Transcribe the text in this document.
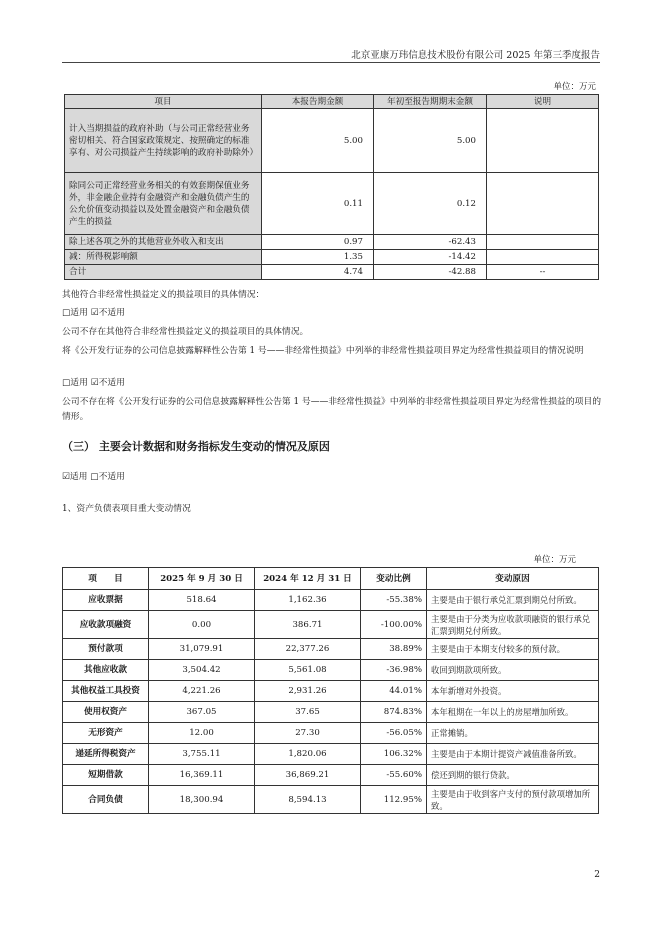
北京亚康万玮信息技术股份有限公司 2025 年第三季度报告
单位：万元
项目	本报告期金额	年初至报告期期末金额	说明
计入当期损益的政府补助（与公司正常经营业务密切相关、符合国家政策规定、按照确定的标准享有、对公司损益产生持续影响的政府补助除外）	5.00	5.00	
除同公司正常经营业务相关的有效套期保值业务外，非金融企业持有金融资产和金融负债产生的公允价值变动损益以及处置金融资产和金融负债产生的损益	0.11	0.12	
除上述各项之外的其他营业外收入和支出	0.97	-62.43	
减：所得税影响额	1.35	-14.42	
合计	4.74	-42.88	--
其他符合非经常性损益定义的损益项目的具体情况：
□适用 ☑不适用
公司不存在其他符合非经常性损益定义的损益项目的具体情况。
将《公开发行证券的公司信息披露解释性公告第 1 号——非经常性损益》中列举的非经常性损益项目界定为经常性损益项目的情况说明
□适用 ☑不适用
公司不存在将《公开发行证券的公司信息披露解释性公告第 1 号——非经常性损益》中列举的非经常性损益项目界定为经常性损益的项目的情形。
（三） 主要会计数据和财务指标发生变动的情况及原因
☑适用 □不适用
1、资产负债表项目重大变动情况
单位：万元
项　　目	2025 年 9 月 30 日	2024 年 12 月 31 日	变动比例	变动原因
应收票据	518.64	1,162.36	-55.38%	主要是由于银行承兑汇票到期兑付所致。
应收款项融资	0.00	386.71	-100.00%	主要是由于分类为应收款项融资的银行承兑汇票到期兑付所致。
预付款项	31,079.91	22,377.26	38.89%	主要是由于本期支付较多的预付款。
其他应收款	3,504.42	5,561.08	-36.98%	收回到期款项所致。
其他权益工具投资	4,221.26	2,931.26	44.01%	本年新增对外投资。
使用权资产	367.05	37.65	874.83%	本年租期在一年以上的房屋增加所致。
无形资产	12.00	27.30	-56.05%	正常摊销。
递延所得税资产	3,755.11	1,820.06	106.32%	主要是由于本期计提资产减值准备所致。
短期借款	16,369.11	36,869.21	-55.60%	偿还到期的银行贷款。
合同负债	18,300.94	8,594.13	112.95%	主要是由于收到客户支付的预付款项增加所致。
2
